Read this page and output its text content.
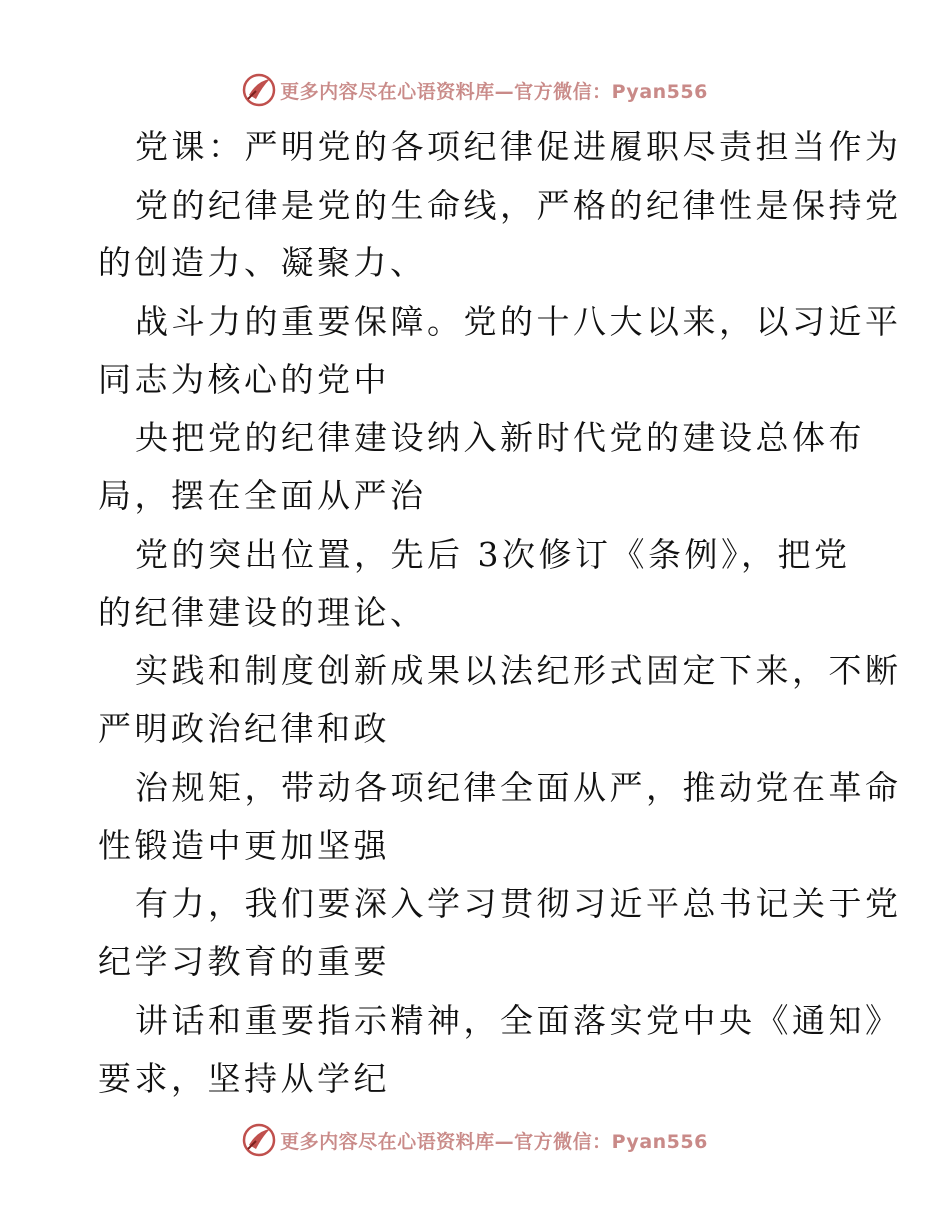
更多内容尽在心语资料库—官方微信：Pyan556
党课：严明党的各项纪律促进履职尽责担当作为
党的纪律是党的生命线，严格的纪律性是保持党
的创造力、凝聚力、
战斗力的重要保障。党的十八大以来，以习近平
同志为核心的党中
央把党的纪律建设纳入新时代党的建设总体布
局，摆在全面从严治
党的突出位置，先后 3次修订《条例》，把党
的纪律建设的理论、
实践和制度创新成果以法纪形式固定下来，不断
严明政治纪律和政
治规矩，带动各项纪律全面从严，推动党在革命
性锻造中更加坚强
有力，我们要深入学习贯彻习近平总书记关于党
纪学习教育的重要
讲话和重要指示精神，全面落实党中央《通知》
要求，坚持从学纪
更多内容尽在心语资料库—官方微信：Pyan556
